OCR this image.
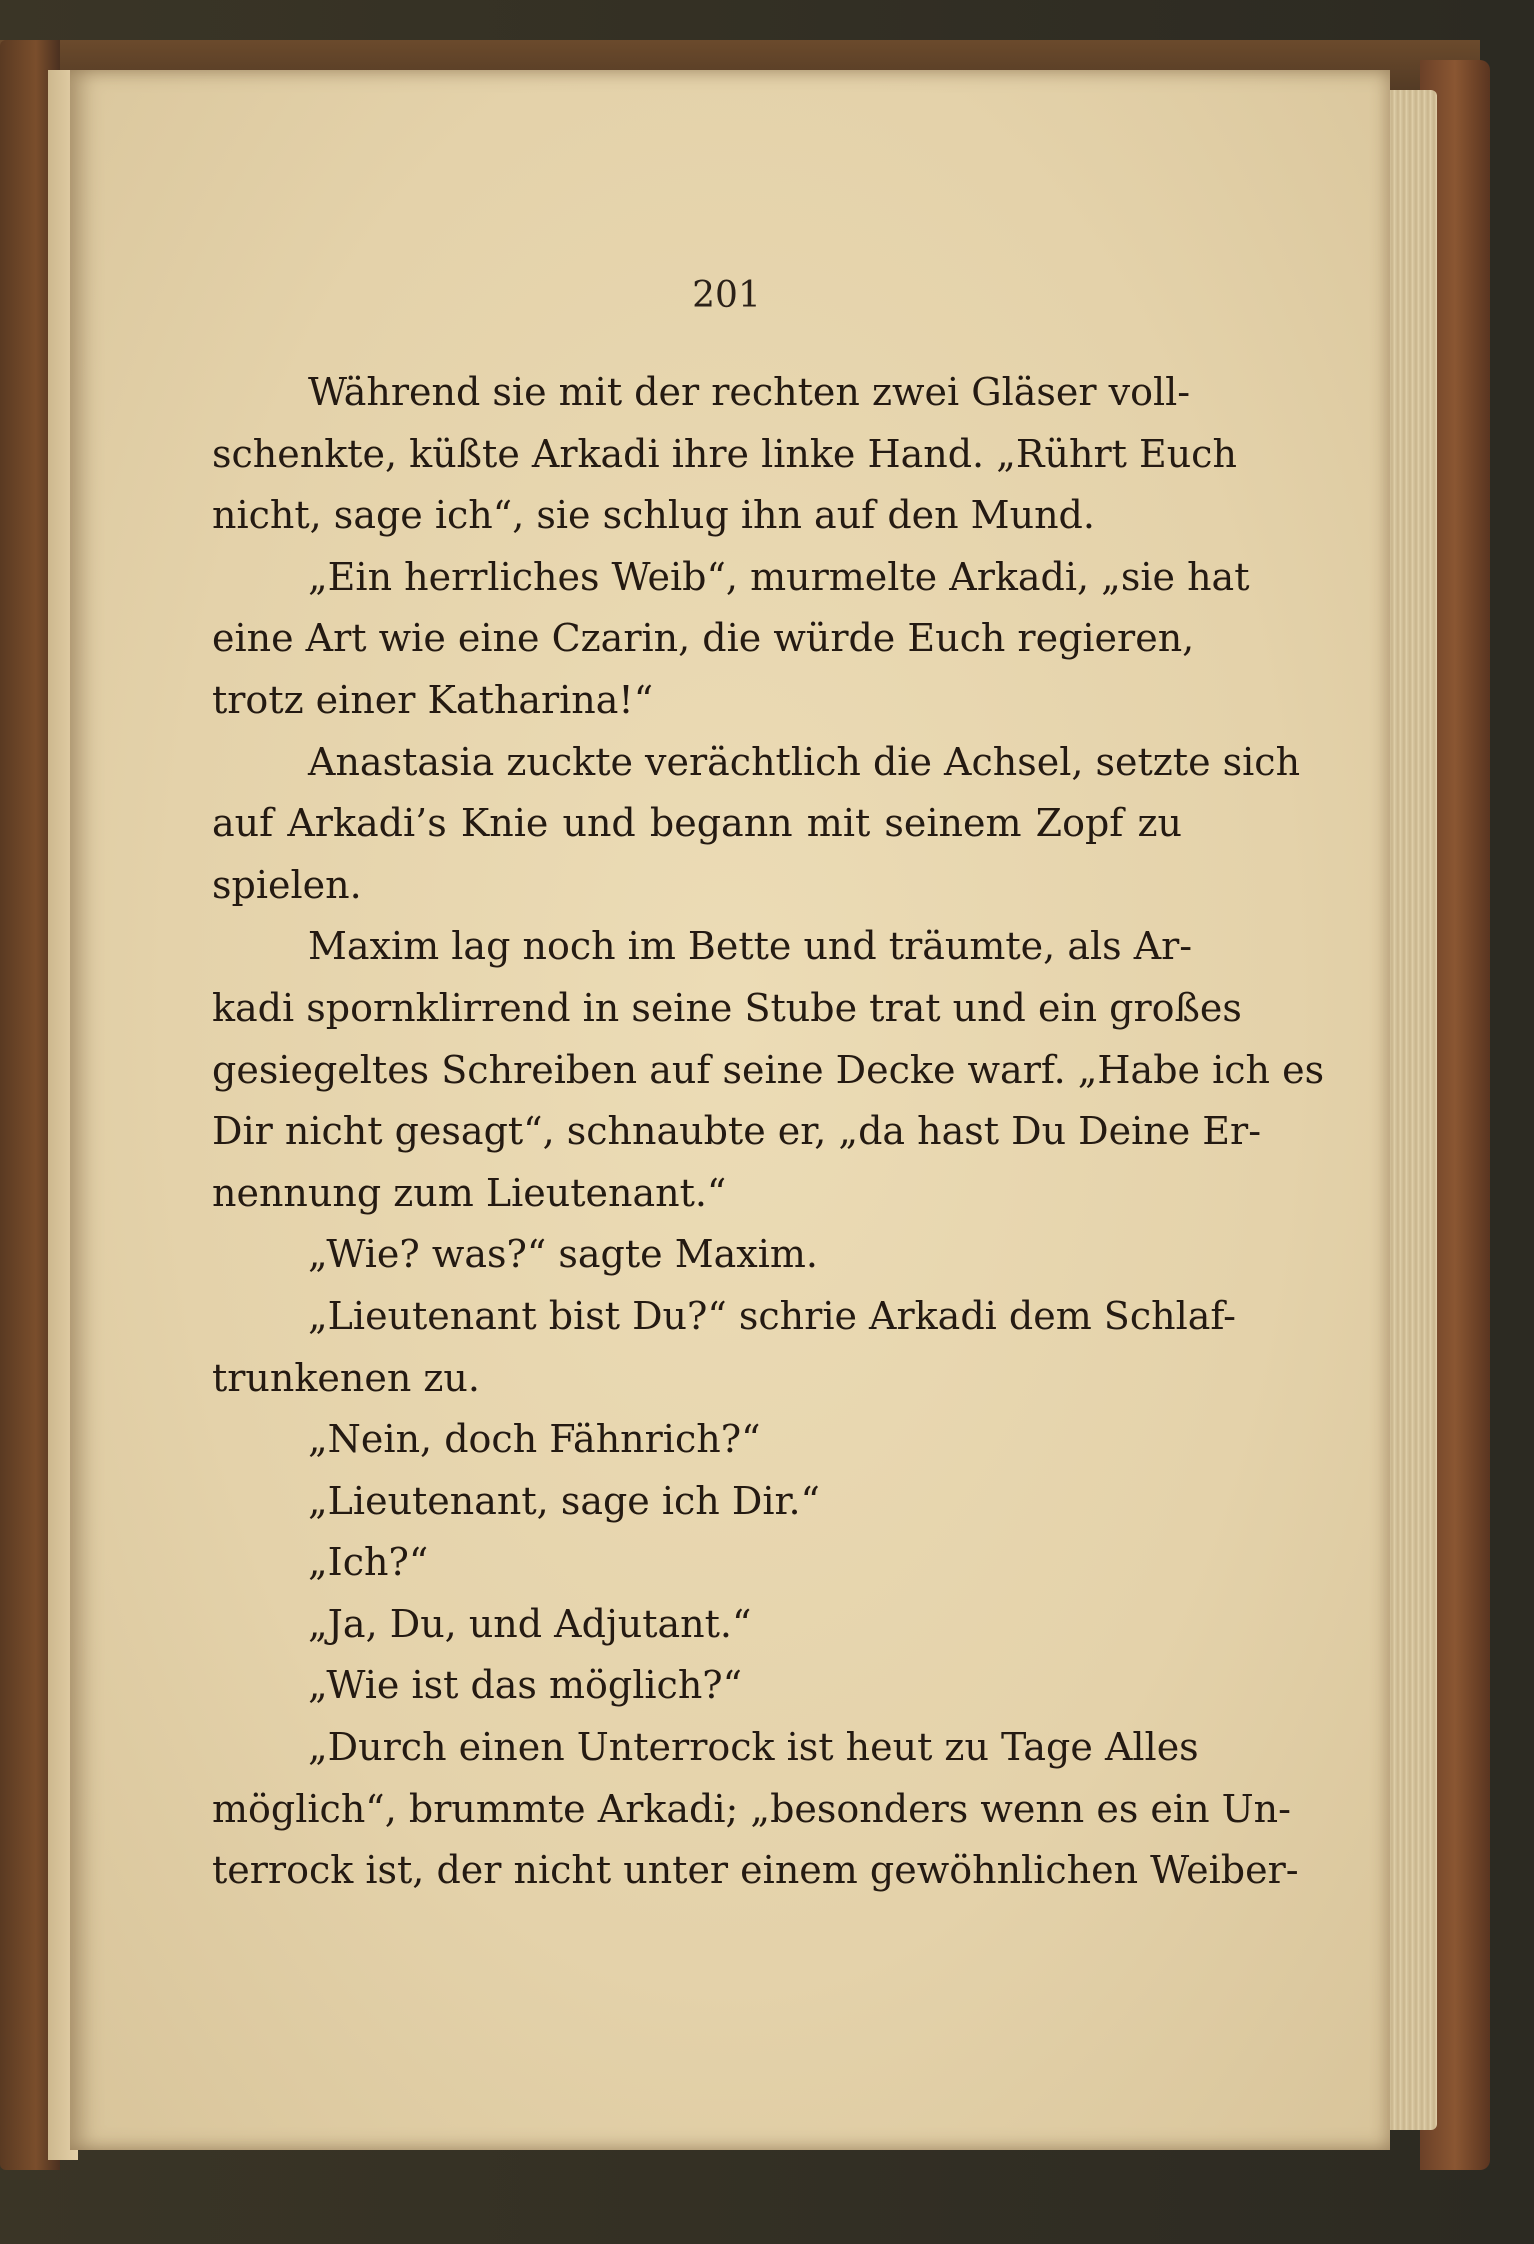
201
Während sie mit der rechten zwei Gläser voll-
schenkte, küßte Arkadi ihre linke Hand. „Rührt Euch
nicht, sage ich“, sie schlug ihn auf den Mund.
„Ein herrliches Weib“, murmelte Arkadi, „sie hat
eine Art wie eine Czarin, die würde Euch regieren,
trotz einer Katharina!“
Anastasia zuckte verächtlich die Achsel, setzte sich
auf Arkadi’s Knie und begann mit seinem Zopf zu
spielen.
Maxim lag noch im Bette und träumte, als Ar-
kadi spornklirrend in seine Stube trat und ein großes
gesiegeltes Schreiben auf seine Decke warf. „Habe ich es
Dir nicht gesagt“, schnaubte er, „da hast Du Deine Er-
nennung zum Lieutenant.“
„Wie? was?“ sagte Maxim.
„Lieutenant bist Du?“ schrie Arkadi dem Schlaf-
trunkenen zu.
„Nein, doch Fähnrich?“
„Lieutenant, sage ich Dir.“
„Ich?“
„Ja, Du, und Adjutant.“
„Wie ist das möglich?“
„Durch einen Unterrock ist heut zu Tage Alles
möglich“, brummte Arkadi; „besonders wenn es ein Un-
terrock ist, der nicht unter einem gewöhnlichen Weiber-
